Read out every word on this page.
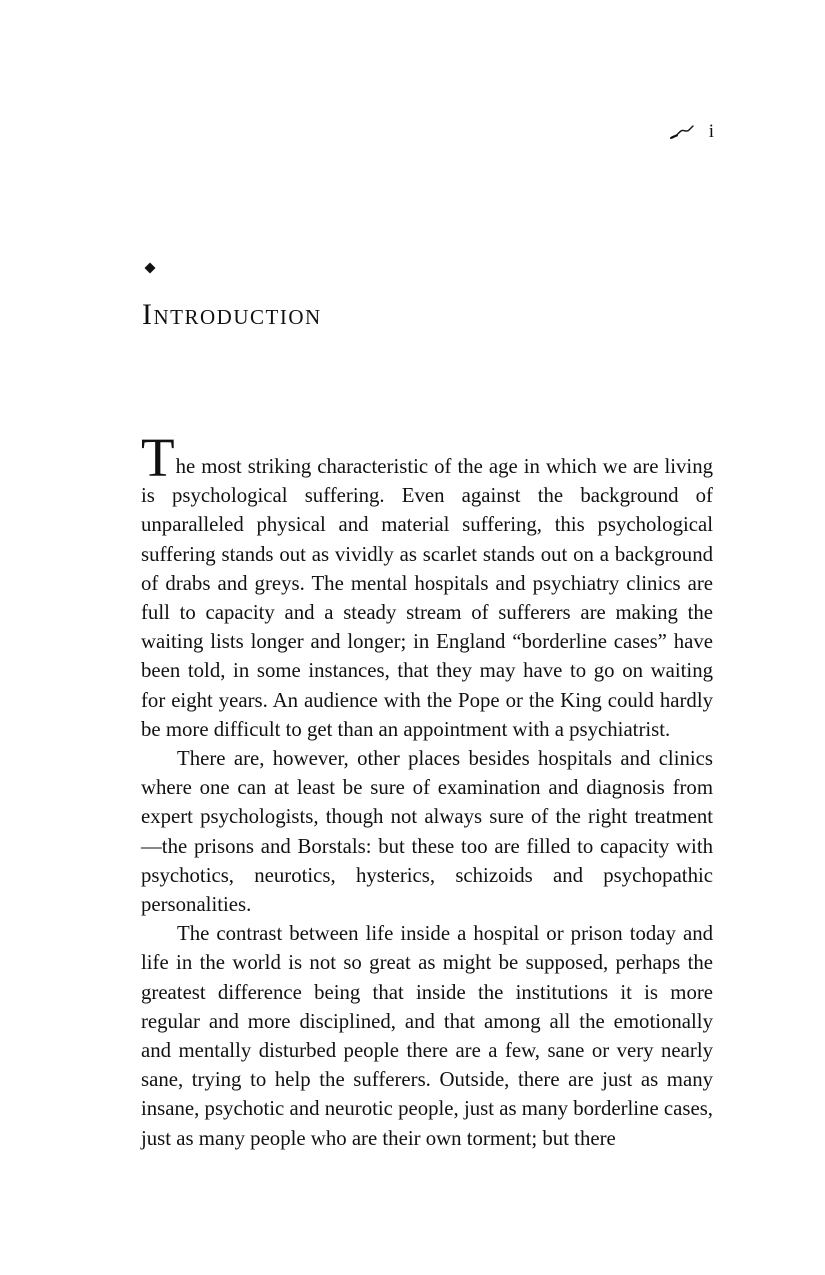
i
Introduction

The most striking characteristic of the age in which we are living is psychological suffering. Even against the background of unparalleled physical and material suffering, this psychological suffering stands out as vividly as scarlet stands out on a background of drabs and greys. The mental hospitals and psychiatry clinics are full to capacity and a steady stream of sufferers are making the waiting lists longer and longer; in England “borderline cases” have been told, in some instances, that they may have to go on waiting for eight years. An audience with the Pope or the King could hardly be more difficult to get than an appointment with a psychiatrist.

There are, however, other places besides hospitals and clinics where one can at least be sure of examination and diagnosis from expert psychologists, though not always sure of the right treatment—the prisons and Borstals: but these too are filled to capacity with psychotics, neurotics, hysterics, schizoids and psychopathic personalities.

The contrast between life inside a hospital or prison today and life in the world is not so great as might be supposed, perhaps the greatest difference being that inside the institutions it is more regular and more disciplined, and that among all the emotionally and mentally disturbed people there are a few, sane or very nearly sane, trying to help the sufferers. Outside, there are just as many insane, psychotic and neurotic people, just as many borderline cases, just as many people who are their own torment; but there
